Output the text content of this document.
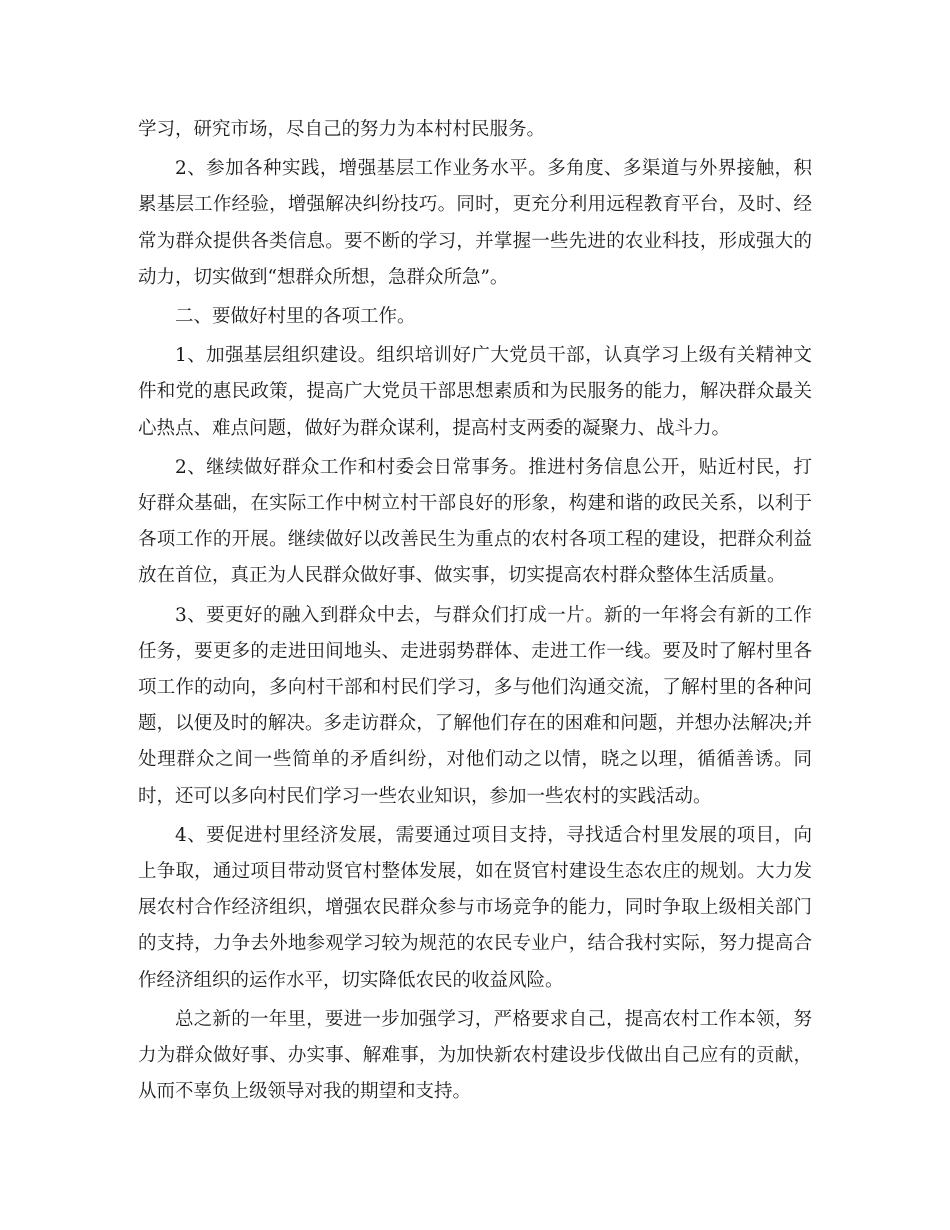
学习，研究市场，尽自己的努力为本村村民服务。

2、参加各种实践，增强基层工作业务水平。多角度、多渠道与外界接触，积累基层工作经验，增强解决纠纷技巧。同时，更充分利用远程教育平台，及时、经常为群众提供各类信息。要不断的学习，并掌握一些先进的农业科技，形成强大的动力，切实做到“想群众所想，急群众所急”。

二、要做好村里的各项工作。

1、加强基层组织建设。组织培训好广大党员干部，认真学习上级有关精神文件和党的惠民政策，提高广大党员干部思想素质和为民服务的能力，解决群众最关心热点、难点问题，做好为群众谋利，提高村支两委的凝聚力、战斗力。

2、继续做好群众工作和村委会日常事务。推进村务信息公开，贴近村民，打好群众基础，在实际工作中树立村干部良好的形象，构建和谐的政民关系，以利于各项工作的开展。继续做好以改善民生为重点的农村各项工程的建设，把群众利益放在首位，真正为人民群众做好事、做实事，切实提高农村群众整体生活质量。

3、要更好的融入到群众中去，与群众们打成一片。新的一年将会有新的工作任务，要更多的走进田间地头、走进弱势群体、走进工作一线。要及时了解村里各项工作的动向，多向村干部和村民们学习，多与他们沟通交流，了解村里的各种问题，以便及时的解决。多走访群众，了解他们存在的困难和问题，并想办法解决;并处理群众之间一些简单的矛盾纠纷，对他们动之以情，晓之以理，循循善诱。同时，还可以多向村民们学习一些农业知识，参加一些农村的实践活动。

4、要促进村里经济发展，需要通过项目支持，寻找适合村里发展的项目，向上争取，通过项目带动贤官村整体发展，如在贤官村建设生态农庄的规划。大力发展农村合作经济组织，增强农民群众参与市场竞争的能力，同时争取上级相关部门的支持，力争去外地参观学习较为规范的农民专业户，结合我村实际，努力提高合作经济组织的运作水平，切实降低农民的收益风险。

总之新的一年里，要进一步加强学习，严格要求自己，提高农村工作本领，努力为群众做好事、办实事、解难事，为加快新农村建设步伐做出自己应有的贡献，从而不辜负上级领导对我的期望和支持。
